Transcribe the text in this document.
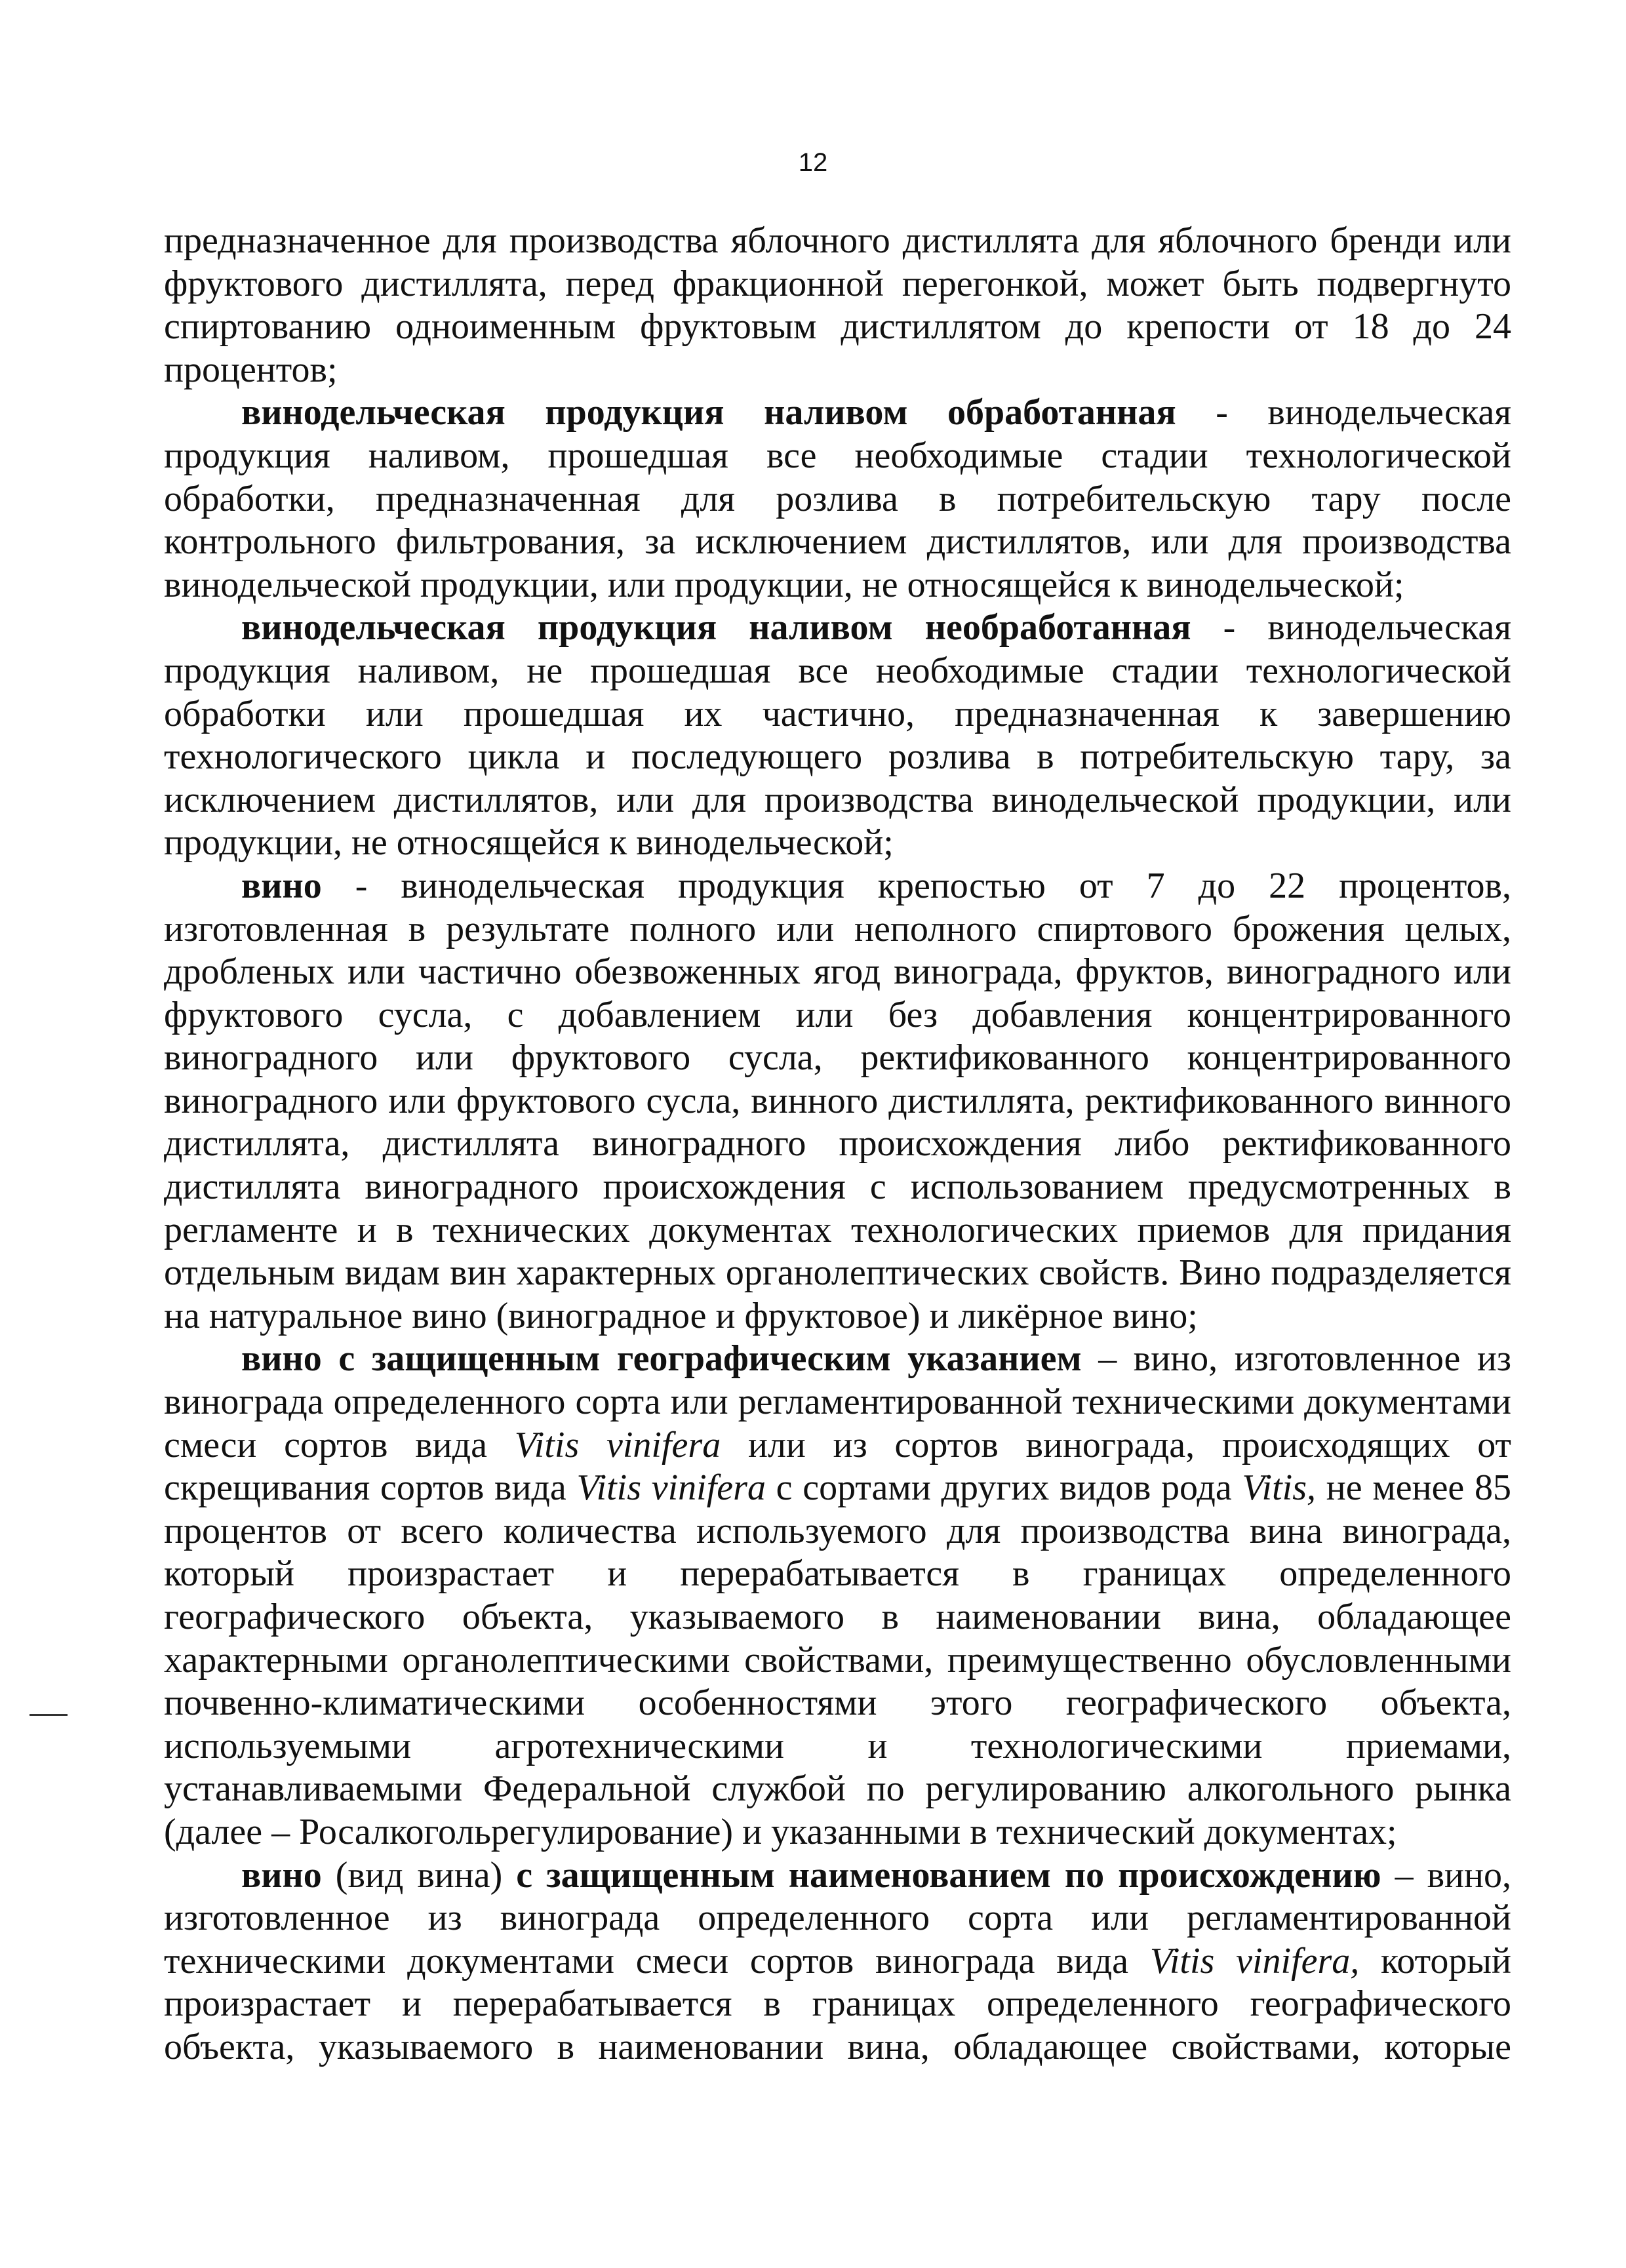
12

предназначенное для производства яблочного дистиллята для яблочного бренди или фруктового дистиллята, перед фракционной перегонкой, может быть подвергнуто спиртованию одноименным фруктовым дистиллятом до крепости от 18 до 24 процентов;

винодельческая продукция наливом обработанная - винодельческая продукция наливом, прошедшая все необходимые стадии технологической обработки, предназначенная для розлива в потребительскую тару после контрольного фильтрования, за исключением дистиллятов, или для производства винодельческой продукции, или продукции, не относящейся к винодельческой;

винодельческая продукция наливом необработанная - винодельческая продукция наливом, не прошедшая все необходимые стадии технологической обработки или прошедшая их частично, предназначенная к завершению технологического цикла и последующего розлива в потребительскую тару, за исключением дистиллятов, или для производства винодельческой продукции, или продукции, не относящейся к винодельческой;

вино - винодельческая продукция крепостью от 7 до 22 процентов, изготовленная в результате полного или неполного спиртового брожения целых, дробленых или частично обезвоженных ягод винограда, фруктов, виноградного или фруктового сусла, с добавлением или без добавления концентрированного виноградного или фруктового сусла, ректификованного концентрированного виноградного или фруктового сусла, винного дистиллята, ректификованного винного дистиллята, дистиллята виноградного происхождения либо ректификованного дистиллята виноградного происхождения с использованием предусмотренных в регламенте и в технических документах технологических приемов для придания отдельным видам вин характерных органолептических свойств. Вино подразделяется на натуральное вино (виноградное и фруктовое) и ликёрное вино;

вино с защищенным географическим указанием – вино, изготовленное из винограда определенного сорта или регламентированной техническими документами смеси сортов вида Vitis vinifera или из сортов винограда, происходящих от скрещивания сортов вида Vitis vinifera с сортами других видов рода Vitis, не менее 85 процентов от всего количества используемого для производства вина винограда, который произрастает и перерабатывается в границах определенного географического объекта, указываемого в наименовании вина, обладающее характерными органолептическими свойствами, преимущественно обусловленными почвенно-климатическими особенностями этого географического объекта, используемыми агротехническими и технологическими приемами, устанавливаемыми Федеральной службой по регулированию алкогольного рынка (далее – Росалкогольрегулирование) и указанными в технический документах;

вино (вид вина) с защищенным наименованием по происхождению – вино, изготовленное из винограда определенного сорта или регламентированной техническими документами смеси сортов винограда вида Vitis vinifera, который произрастает и перерабатывается в границах определенного географического объекта, указываемого в наименовании вина, обладающее свойствами, которые
